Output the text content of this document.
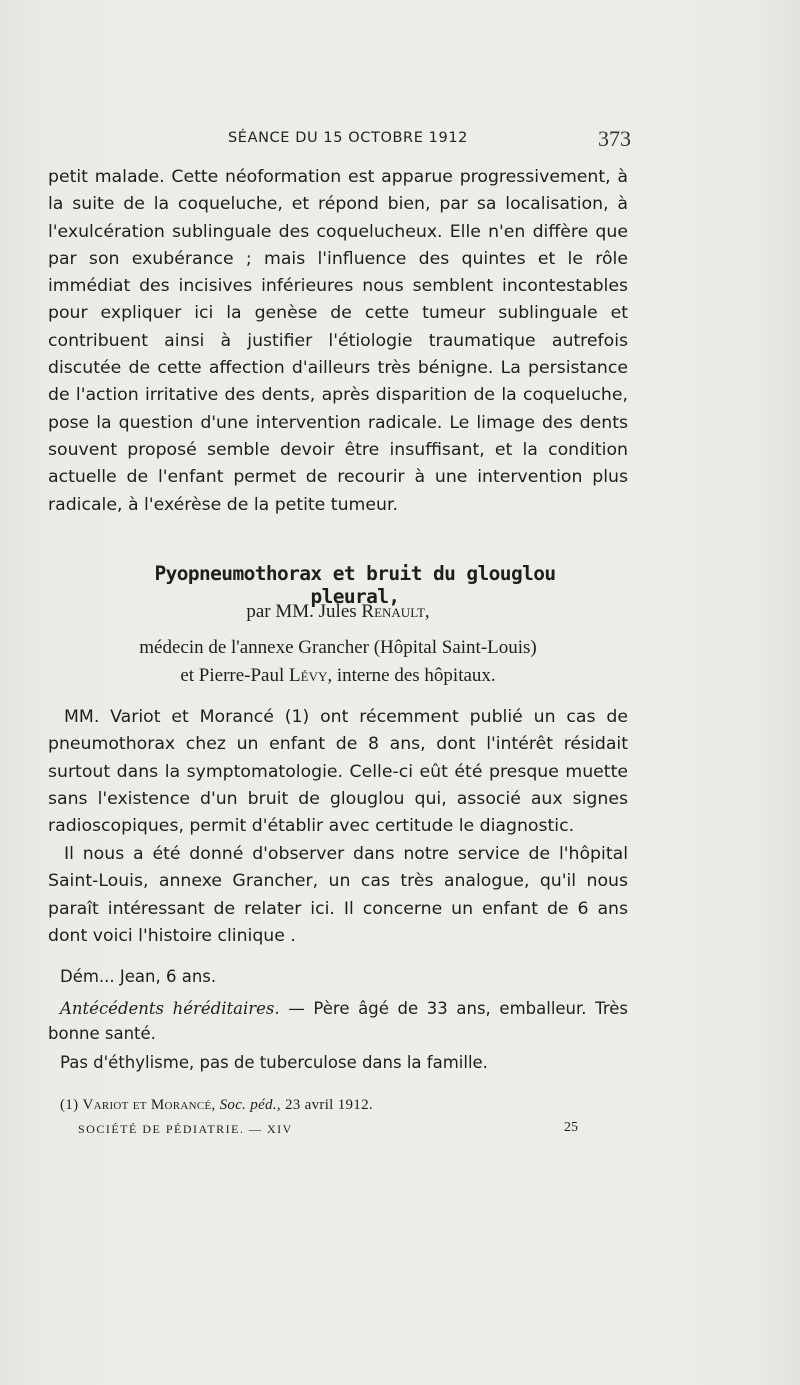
SÉANCE DU 15 OCTOBRE 1912	373

petit malade. Cette néoformation est apparue progressivement, à la suite de la coqueluche, et répond bien, par sa localisation, à l'exulcération sublinguale des coquelucheux. Elle n'en diffère que par son exubérance ; mais l'influence des quintes et le rôle immédiat des incisives inférieures nous semblent incontestables pour expliquer ici la genèse de cette tumeur sublinguale et contribuent ainsi à justifier l'étiologie traumatique autrefois discutée de cette affection d'ailleurs très bénigne. La persistance de l'action irritative des dents, après disparition de la coqueluche, pose la question d'une intervention radicale. Le limage des dents souvent proposé semble devoir être insuffisant, et la condition actuelle de l'enfant permet de recourir à une intervention plus radicale, à l'exérèse de la petite tumeur.

Pyopneumothorax et bruit du glouglou pleural,
par MM. Jules Renault,
médecin de l'annexe Grancher (Hôpital Saint-Louis)
et Pierre-Paul Lévy, interne des hôpitaux.

MM. Variot et Morancé (1) ont récemment publié un cas de pneumothorax chez un enfant de 8 ans, dont l'intérêt résidait surtout dans la symptomatologie. Celle-ci eût été presque muette sans l'existence d'un bruit de glouglou qui, associé aux signes radioscopiques, permit d'établir avec certitude le diagnostic.

Il nous a été donné d'observer dans notre service de l'hôpital Saint-Louis, annexe Grancher, un cas très analogue, qu'il nous paraît intéressant de relater ici. Il concerne un enfant de 6 ans dont voici l'histoire clinique .

Dém... Jean, 6 ans.

Antécédents héréditaires. — Père âgé de 33 ans, emballeur. Très bonne santé.

Pas d'éthylisme, pas de tuberculose dans la famille.

(1) Variot et Morancé, Soc. péd., 23 avril 1912.

SOCIÉTÉ DE PÉDIATRIE. — XIV	25
